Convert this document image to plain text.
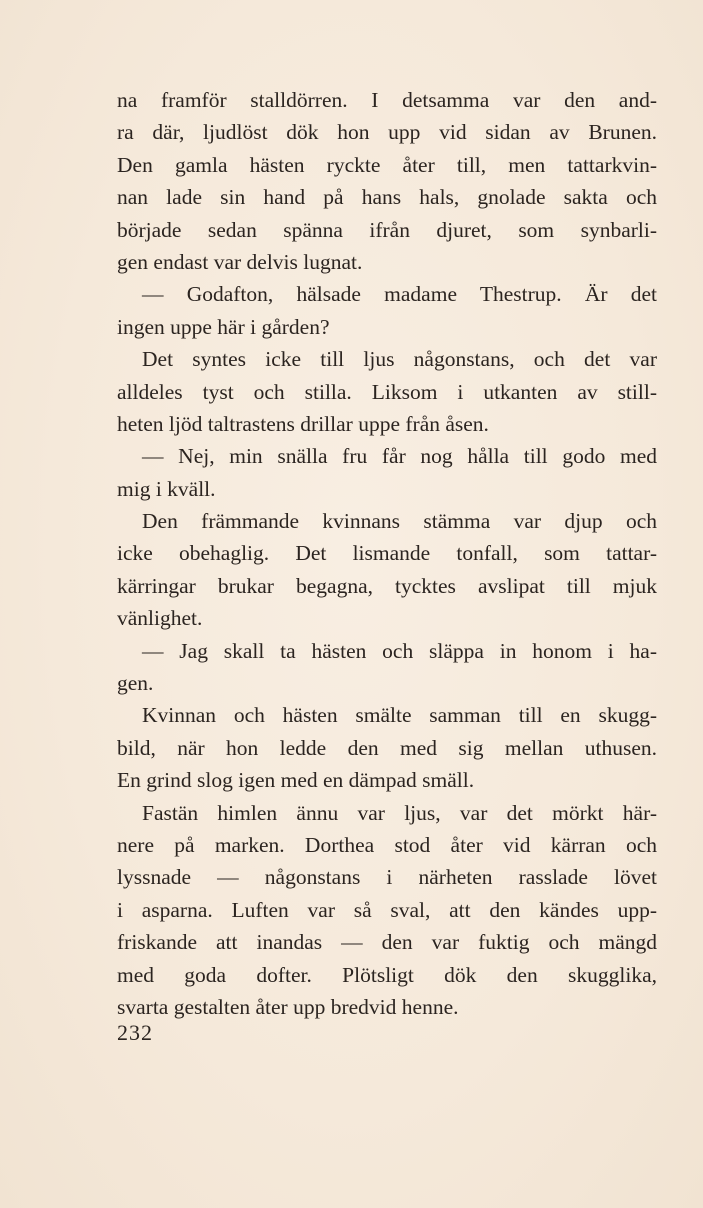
na framför stalldörren. I detsamma var den and-
ra där, ljudlöst dök hon upp vid sidan av Brunen.
Den gamla hästen ryckte åter till, men tattarkvin-
nan lade sin hand på hans hals, gnolade sakta och
började sedan spänna ifrån djuret, som synbarli-
gen endast var delvis lugnat.
— Godafton, hälsade madame Thestrup. Är det
ingen uppe här i gården?
Det syntes icke till ljus någonstans, och det var
alldeles tyst och stilla. Liksom i utkanten av still-
heten ljöd taltrastens drillar uppe från åsen.
— Nej, min snälla fru får nog hålla till godo med
mig i kväll.
Den främmande kvinnans stämma var djup och
icke obehaglig. Det lismande tonfall, som tattar-
kärringar brukar begagna, tycktes avslipat till mjuk
vänlighet.
— Jag skall ta hästen och släppa in honom i ha-
gen.
Kvinnan och hästen smälte samman till en skugg-
bild, när hon ledde den med sig mellan uthusen.
En grind slog igen med en dämpad smäll.
Fastän himlen ännu var ljus, var det mörkt här-
nere på marken. Dorthea stod åter vid kärran och
lyssnade — någonstans i närheten rasslade lövet
i asparna. Luften var så sval, att den kändes upp-
friskande att inandas — den var fuktig och mängd
med goda dofter. Plötsligt dök den skugglika,
svarta gestalten åter upp bredvid henne.
232
